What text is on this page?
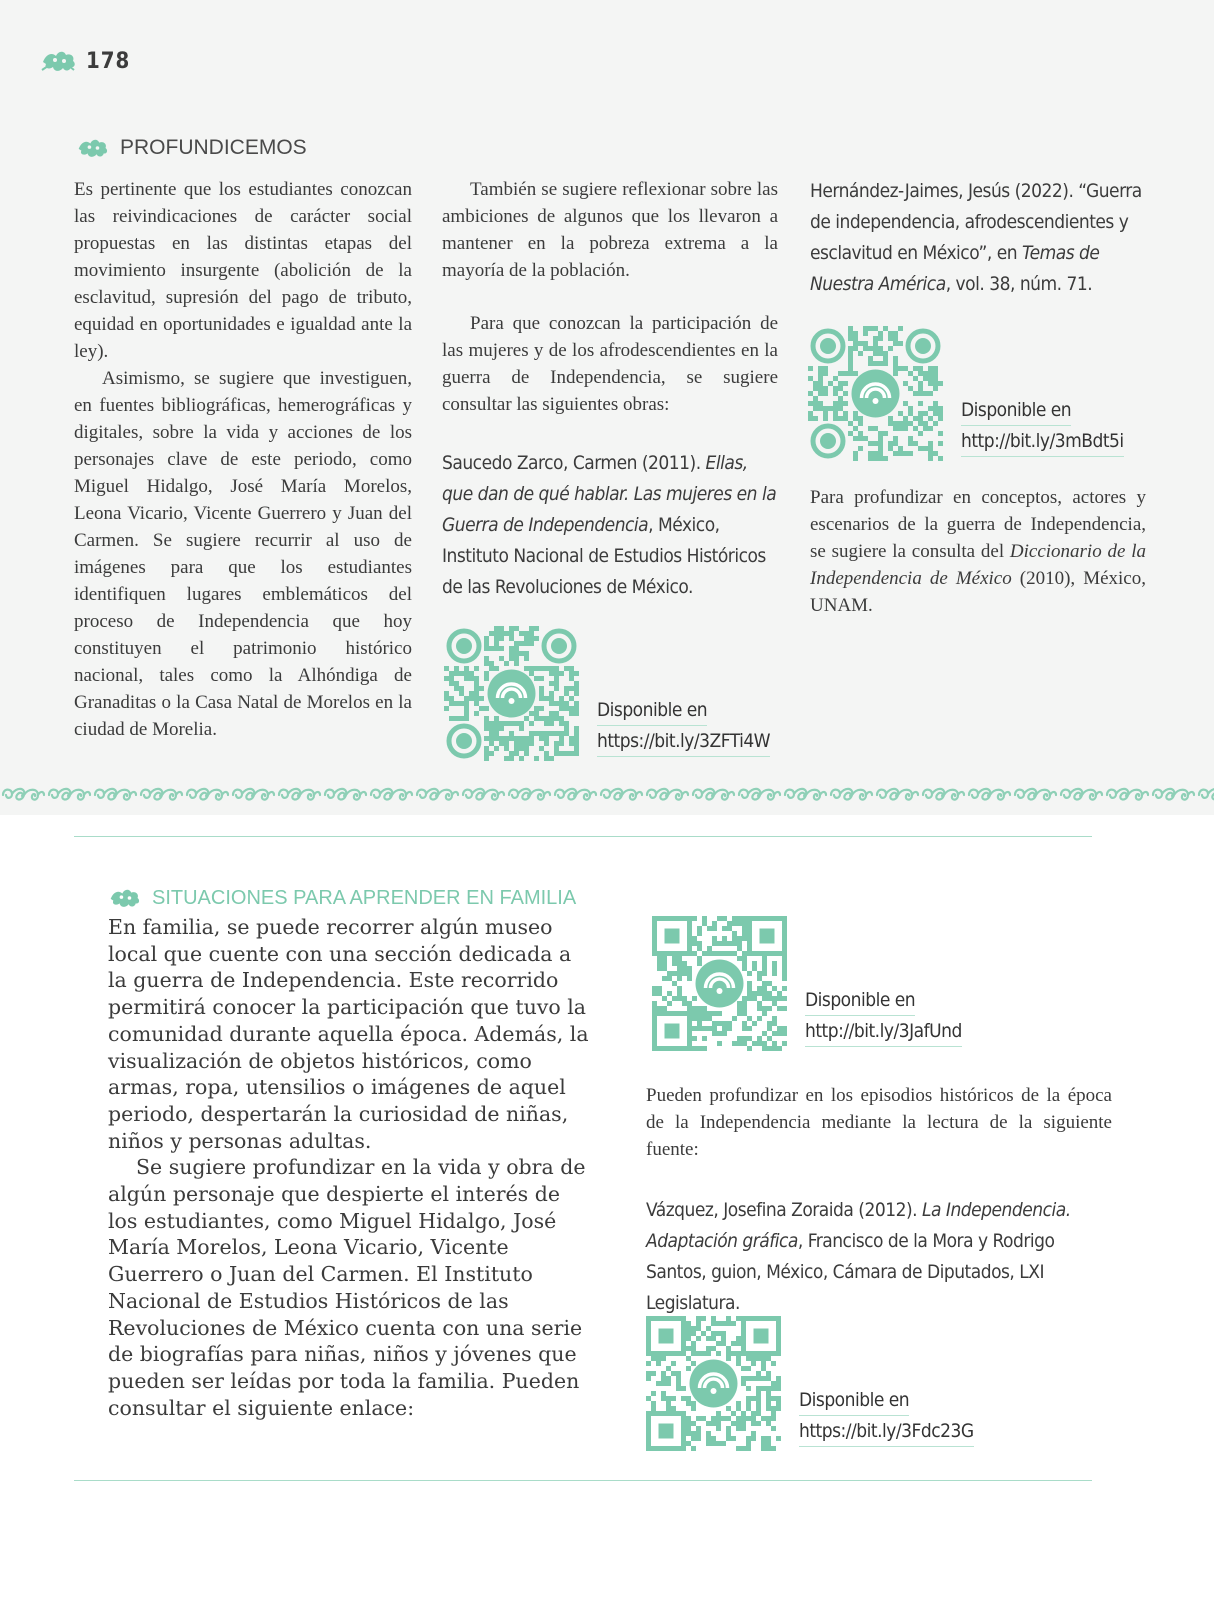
178
PROFUNDICEMOS

Es pertinente que los estudiantes conozcan las reivindicaciones de carácter social propuestas en las distintas etapas del movimiento insurgente (abolición de la esclavitud, supresión del pago de tributo, equidad en oportunidades e igualdad ante la ley).

Asimismo, se sugiere que investiguen, en fuentes bibliográficas, hemerográficas y digitales, sobre la vida y acciones de los personajes clave de este periodo, como Miguel Hidalgo, José María Morelos, Leona Vicario, Vicente Guerrero y Juan del Carmen. Se sugiere recurrir al uso de imágenes para que los estudiantes identifiquen lugares emblemáticos del proceso de Independencia que hoy constituyen el patrimonio histórico nacional, tales como la Alhóndiga de Granaditas o la Casa Natal de Morelos en la ciudad de Morelia.

También se sugiere reflexionar sobre las ambiciones de algunos que los llevaron a mantener en la pobreza extrema a la mayoría de la población.

Para que conozcan la participación de las mujeres y de los afrodescendientes en la guerra de Independencia, se sugiere consultar las siguientes obras:

Saucedo Zarco, Carmen (2011). Ellas, que dan de qué hablar. Las mujeres en la Guerra de Independencia, México, Instituto Nacional de Estudios Históricos de las Revoluciones de México.

Disponible en
https://bit.ly/3ZFTi4W

Hernández-Jaimes, Jesús (2022). “Guerra de independencia, afrodescendientes y esclavitud en México”, en Temas de Nuestra América, vol. 38, núm. 71.

Disponible en
http://bit.ly/3mBdt5i

Para profundizar en conceptos, actores y escenarios de la guerra de Independencia, se sugiere la consulta del Diccionario de la Independencia de México (2010), México, UNAM.

SITUACIONES PARA APRENDER EN FAMILIA

En familia, se puede recorrer algún museo local que cuente con una sección dedicada a la guerra de Independencia. Este recorrido permitirá conocer la participación que tuvo la comunidad durante aquella época. Además, la visualización de objetos históricos, como armas, ropa, utensilios o imágenes de aquel periodo, despertarán la curiosidad de niñas, niños y personas adultas.

Se sugiere profundizar en la vida y obra de algún personaje que despierte el interés de los estudiantes, como Miguel Hidalgo, José María Morelos, Leona Vicario, Vicente Guerrero o Juan del Carmen. El Instituto Nacional de Estudios Históricos de las Revoluciones de México cuenta con una serie de biografías para niñas, niños y jóvenes que pueden ser leídas por toda la familia. Pueden consultar el siguiente enlace:

Disponible en
http://bit.ly/3JafUnd

Pueden profundizar en los episodios históricos de la época de la Independencia mediante la lectura de la siguiente fuente:

Vázquez, Josefina Zoraida (2012). La Independencia. Adaptación gráfica, Francisco de la Mora y Rodrigo Santos, guion, México, Cámara de Diputados, LXI Legislatura.

Disponible en
https://bit.ly/3Fdc23G
